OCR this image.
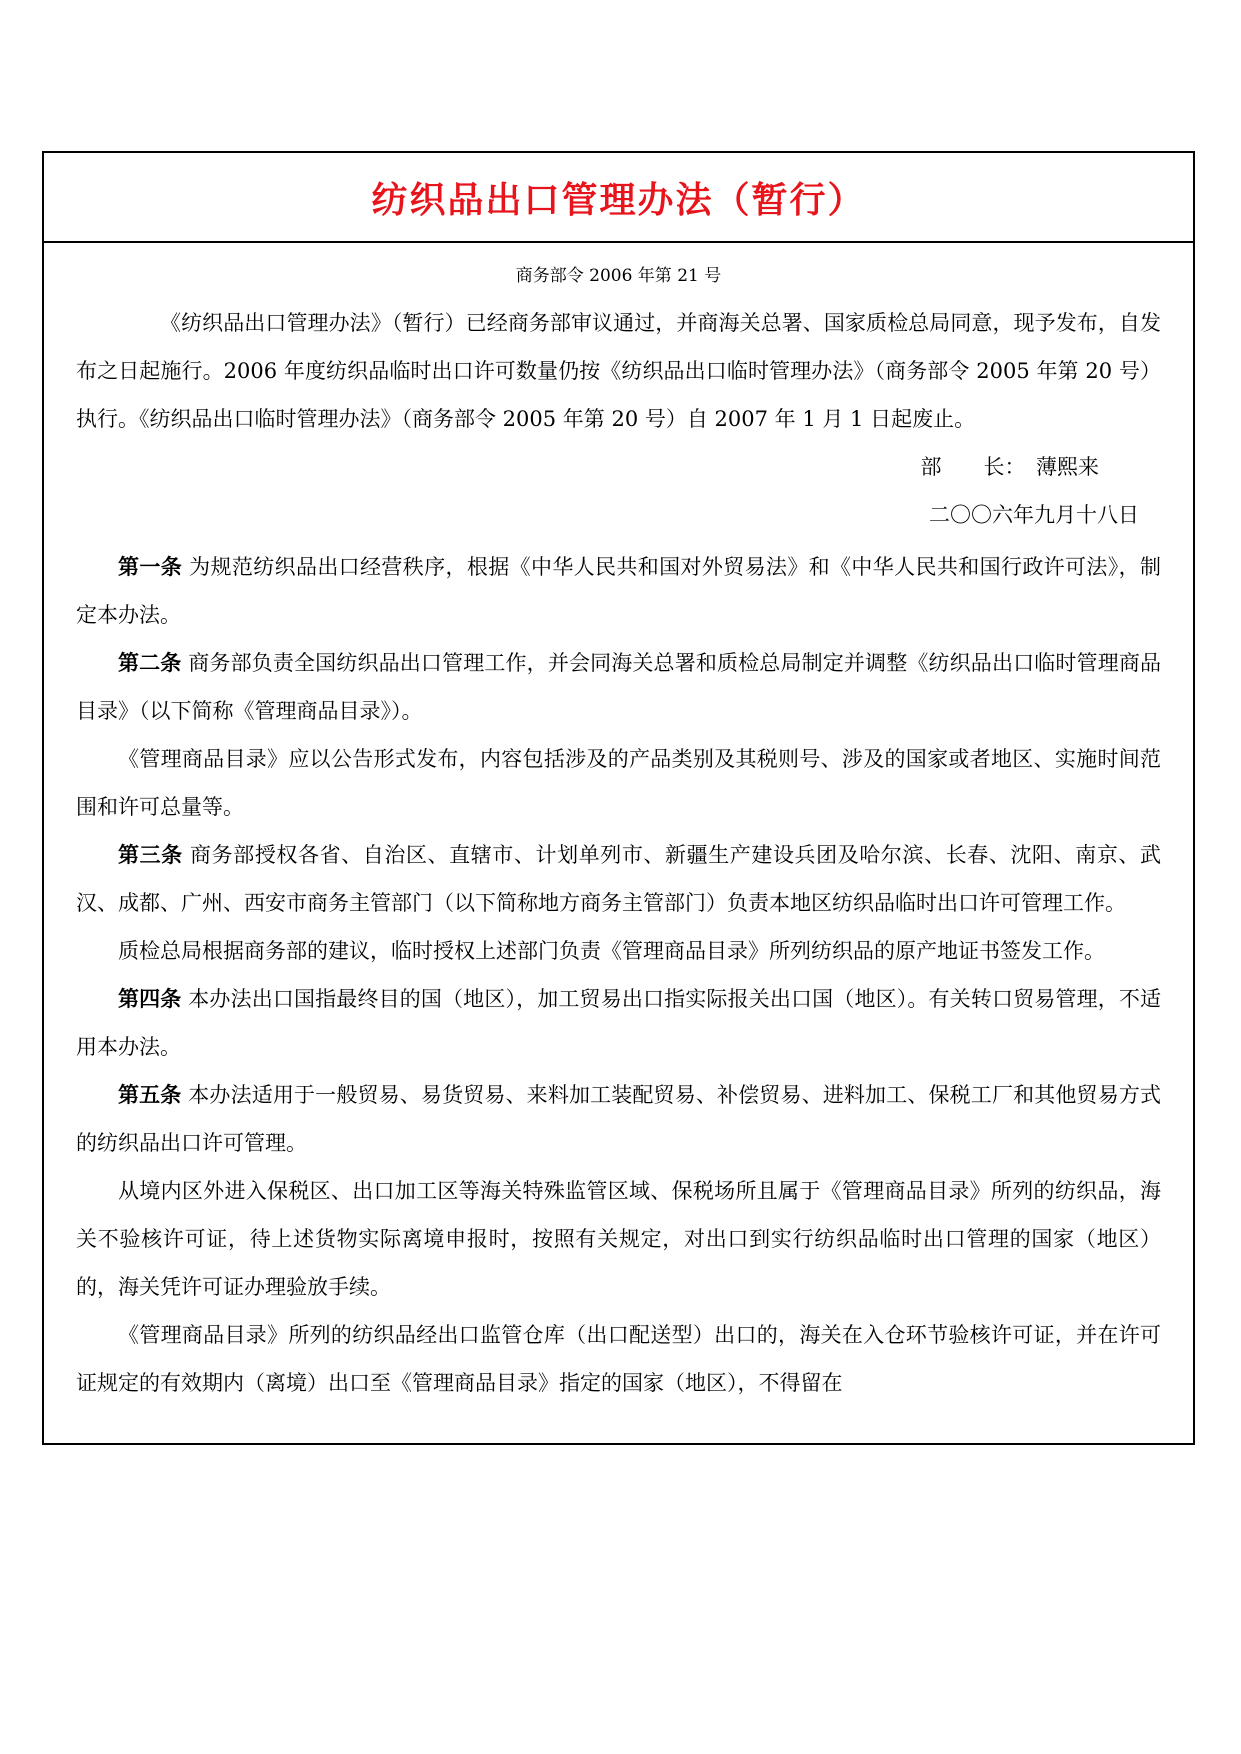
纺织品出口管理办法（暂行）
商务部令 2006 年第 21 号

《纺织品出口管理办法》（暂行）已经商务部审议通过，并商海关总署、国家质检总局同意，现予发布，自发布之日起施行。2006 年度纺织品临时出口许可数量仍按《纺织品出口临时管理办法》（商务部令 2005 年第 20 号）执行。《纺织品出口临时管理办法》（商务部令 2005 年第 20 号）自 2007 年 1 月 1 日起废止。

部　　长：　薄熙来
二〇〇六年九月十八日

第一条 为规范纺织品出口经营秩序，根据《中华人民共和国对外贸易法》和《中华人民共和国行政许可法》，制定本办法。

第二条 商务部负责全国纺织品出口管理工作，并会同海关总署和质检总局制定并调整《纺织品出口临时管理商品目录》（以下简称《管理商品目录》）。

《管理商品目录》应以公告形式发布，内容包括涉及的产品类别及其税则号、涉及的国家或者地区、实施时间范围和许可总量等。

第三条 商务部授权各省、自治区、直辖市、计划单列市、新疆生产建设兵团及哈尔滨、长春、沈阳、南京、武汉、成都、广州、西安市商务主管部门（以下简称地方商务主管部门）负责本地区纺织品临时出口许可管理工作。

质检总局根据商务部的建议，临时授权上述部门负责《管理商品目录》所列纺织品的原产地证书签发工作。

第四条 本办法出口国指最终目的国（地区），加工贸易出口指实际报关出口国（地区）。有关转口贸易管理，不适用本办法。

第五条 本办法适用于一般贸易、易货贸易、来料加工装配贸易、补偿贸易、进料加工、保税工厂和其他贸易方式的纺织品出口许可管理。

从境内区外进入保税区、出口加工区等海关特殊监管区域、保税场所且属于《管理商品目录》所列的纺织品，海关不验核许可证，待上述货物实际离境申报时，按照有关规定，对出口到实行纺织品临时出口管理的国家（地区）的，海关凭许可证办理验放手续。

《管理商品目录》所列的纺织品经出口监管仓库（出口配送型）出口的，海关在入仓环节验核许可证，并在许可证规定的有效期内（离境）出口至《管理商品目录》指定的国家（地区），不得留在
